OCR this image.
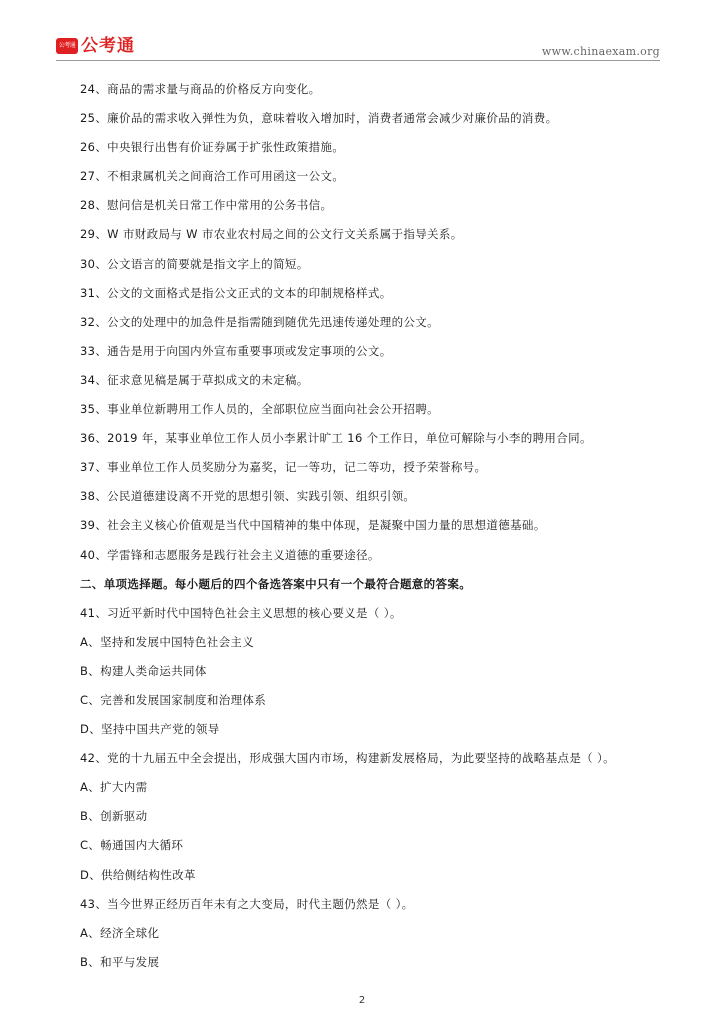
公考通 公考通	www.chinaexam.org
24、商品的需求量与商品的价格反方向变化。
25、廉价品的需求收入弹性为负，意味着收入增加时，消费者通常会减少对廉价品的消费。
26、中央银行出售有价证券属于扩张性政策措施。
27、不相隶属机关之间商洽工作可用函这一公文。
28、慰问信是机关日常工作中常用的公务书信。
29、W 市财政局与 W 市农业农村局之间的公文行文关系属于指导关系。
30、公文语言的简要就是指文字上的简短。
31、公文的文面格式是指公文正式的文本的印制规格样式。
32、公文的处理中的加急件是指需随到随优先迅速传递处理的公文。
33、通告是用于向国内外宣布重要事项或发定事项的公文。
34、征求意见稿是属于草拟成文的未定稿。
35、事业单位新聘用工作人员的，全部职位应当面向社会公开招聘。
36、2019 年，某事业单位工作人员小李累计旷工 16 个工作日，单位可解除与小李的聘用合同。
37、事业单位工作人员奖励分为嘉奖，记一等功，记二等功，授予荣誉称号。
38、公民道德建设离不开党的思想引领、实践引领、组织引领。
39、社会主义核心价值观是当代中国精神的集中体现，是凝聚中国力量的思想道德基础。
40、学雷锋和志愿服务是践行社会主义道德的重要途径。
二、单项选择题。每小题后的四个备选答案中只有一个最符合题意的答案。
41、习近平新时代中国特色社会主义思想的核心要义是（ ）。
A、坚持和发展中国特色社会主义
B、构建人类命运共同体
C、完善和发展国家制度和治理体系
D、坚持中国共产党的领导
42、党的十九届五中全会提出，形成强大国内市场，构建新发展格局，为此要坚持的战略基点是（ ）。
A、扩大内需
B、创新驱动
C、畅通国内大循环
D、供给侧结构性改革
43、当今世界正经历百年未有之大变局，时代主题仍然是（ ）。
A、经济全球化
B、和平与发展
2
